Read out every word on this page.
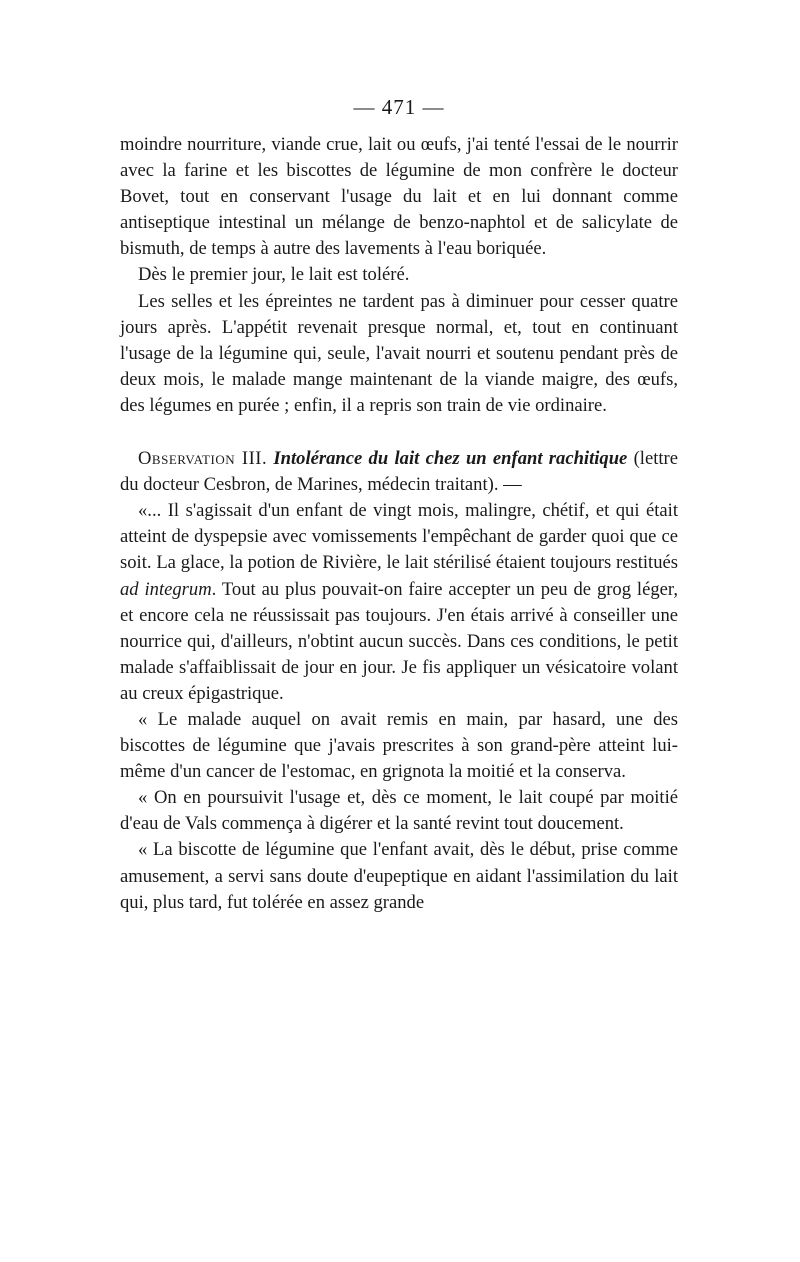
— 471 —

moindre nourriture, viande crue, lait ou œufs, j'ai tenté l'essai de le nourrir avec la farine et les biscottes de légumine de mon confrère le docteur Bovet, tout en conservant l'usage du lait et en lui donnant comme antiseptique intestinal un mélange de benzo-naphtol et de salicylate de bismuth, de temps à autre des lavements à l'eau boriquée.

Dès le premier jour, le lait est toléré.

Les selles et les épreintes ne tardent pas à diminuer pour cesser quatre jours après. L'appétit revenait presque normal, et, tout en continuant l'usage de la légumine qui, seule, l'avait nourri et soutenu pendant près de deux mois, le malade mange maintenant de la viande maigre, des œufs, des légumes en purée ; enfin, il a repris son train de vie ordinaire.

Observation III. Intolérance du lait chez un enfant rachitique (lettre du docteur Cesbron, de Marines, médecin traitant). —

«... Il s'agissait d'un enfant de vingt mois, malingre, chétif, et qui était atteint de dyspepsie avec vomissements l'empêchant de garder quoi que ce soit. La glace, la potion de Rivière, le lait stérilisé étaient toujours restitués ad integrum. Tout au plus pouvait-on faire accepter un peu de grog léger, et encore cela ne réussissait pas toujours. J'en étais arrivé à conseiller une nourrice qui, d'ailleurs, n'obtint aucun succès. Dans ces conditions, le petit malade s'affaiblissait de jour en jour. Je fis appliquer un vésicatoire volant au creux épigastrique.

« Le malade auquel on avait remis en main, par hasard, une des biscottes de légumine que j'avais prescrites à son grand-père atteint lui-même d'un cancer de l'estomac, en grignota la moitié et la conserva.

« On en poursuivit l'usage et, dès ce moment, le lait coupé par moitié d'eau de Vals commença à digérer et la santé revint tout doucement.

« La biscotte de légumine que l'enfant avait, dès le début, prise comme amusement, a servi sans doute d'eupeptique en aidant l'assimilation du lait qui, plus tard, fut tolérée en assez grande
